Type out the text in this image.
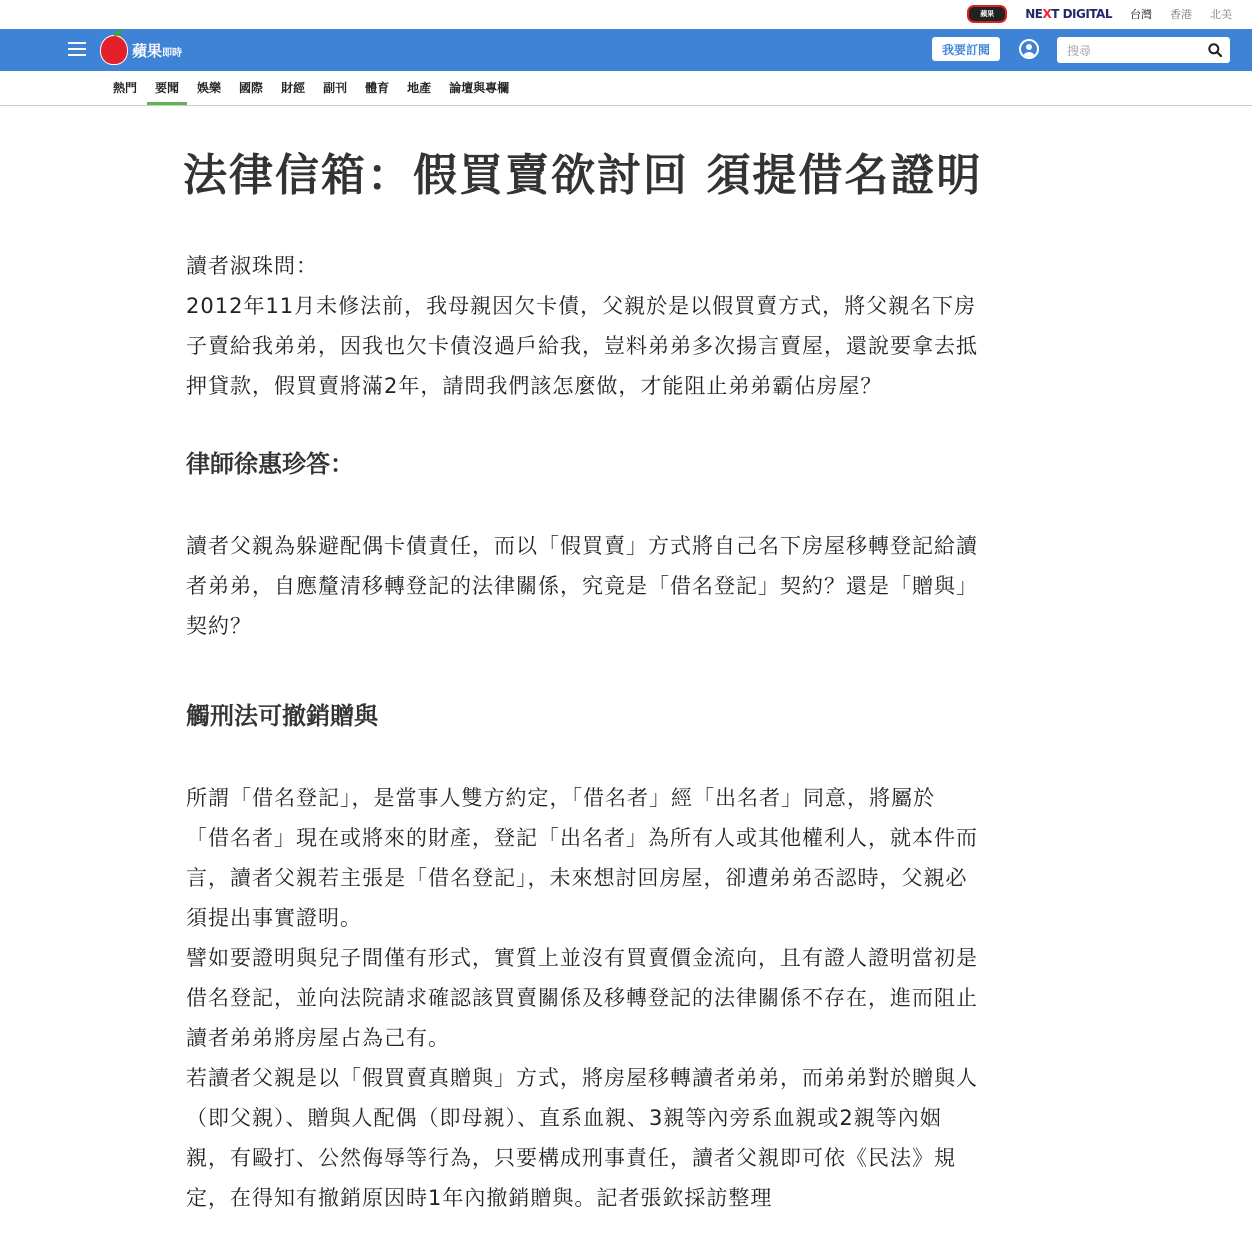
蘋果	NEXT DIGITAL 台灣 香港 北美
蘋果即時	我要訂閱
搜尋
熱門 要聞 娛樂 國際 財經 副刊 體育 地產 論壇與專欄
法律信箱：假買賣欲討回 須提借名證明

讀者淑珠問：

2012年11月未修法前，我母親因欠卡債，父親於是以假買賣方式，將父親名下房

子賣給我弟弟，因我也欠卡債沒過戶給我，豈料弟弟多次揚言賣屋，還說要拿去抵

押貸款，假買賣將滿2年，請問我們該怎麼做，才能阻止弟弟霸佔房屋？

律師徐惠珍答：

讀者父親為躲避配偶卡債責任，而以「假買賣」方式將自己名下房屋移轉登記給讀

者弟弟，自應釐清移轉登記的法律關係，究竟是「借名登記」契約？還是「贈與」

契約？

觸刑法可撤銷贈與

所謂「借名登記」，是當事人雙方約定，「借名者」經「出名者」同意，將屬於

「借名者」現在或將來的財產，登記「出名者」為所有人或其他權利人，就本件而

言，讀者父親若主張是「借名登記」，未來想討回房屋，卻遭弟弟否認時，父親必

須提出事實證明。

譬如要證明與兒子間僅有形式，實質上並沒有買賣價金流向，且有證人證明當初是

借名登記，並向法院請求確認該買賣關係及移轉登記的法律關係不存在，進而阻止

讀者弟弟將房屋占為己有。

若讀者父親是以「假買賣真贈與」方式，將房屋移轉讀者弟弟，而弟弟對於贈與人

（即父親）、贈與人配偶（即母親）、直系血親、3親等內旁系血親或2親等內姻

親，有毆打、公然侮辱等行為，只要構成刑事責任，讀者父親即可依《民法》規

定，在得知有撤銷原因時1年內撤銷贈與。記者張欽採訪整理
